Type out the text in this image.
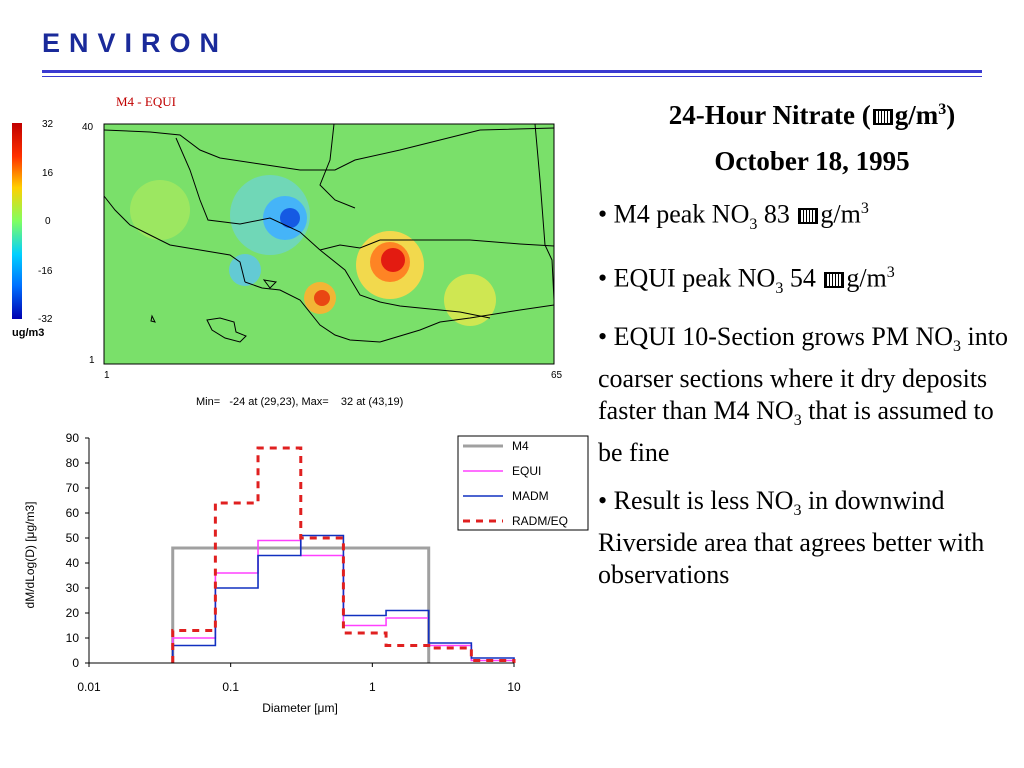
ENVIRON
M4 - EQUI
32
16
0
-16
-32
ug/m3
40
1
1	65
Min=   -24 at (29,23), Max=    32 at (43,19)
0
10
20
30
40
50
60
70
80
90
0.01	0.1	1	10
Diameter [μm]
dM/dLog(D) [μg/m3]
M4
EQUI
MADM
RADM/EQ
24-Hour Nitrate ( $g/m^3$)
October 18, 1995
• M4 peak $NO_3$ 83 $g/m^3$
• EQUI peak $NO_3$ 54 $g/m^3$
• EQUI 10-Section grows PM $NO_3$ into coarser sections where it dry deposits faster than M4 $NO_3$ that is assumed to be fine
• Result is less $NO_3$ in downwind Riverside area that agrees better with observations
